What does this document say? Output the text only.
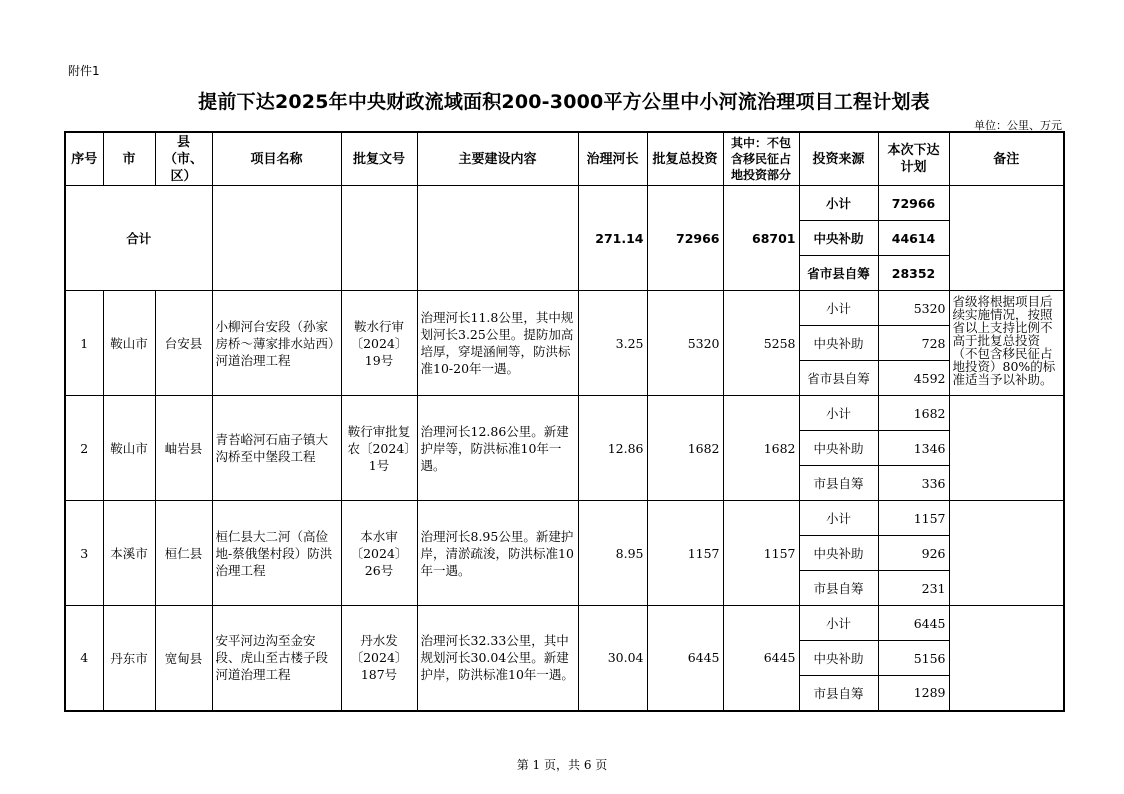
附件1
提前下达2025年中央财政流域面积200-3000平方公里中小河流治理项目工程计划表
单位：公里、万元
序号	市	县（市、区）	项目名称	批复文号	主要建设内容	治理河长	批复总投资	其中：不包含移民征占地投资部分	投资来源	本次下达计划	备注
合计						271.14	72966	68701	小计	72966	
									中央补助	44614	
									省市县自筹	28352	
1	鞍山市	台安县	小柳河台安段（孙家房桥～薄家排水站西）河道治理工程	鞍水行审〔2024〕19号	治理河长11.8公里，其中规划河长3.25公里。提防加高培厚，穿堤涵闸等，防洪标准10-20年一遇。	3.25	5320	5258	小计	5320	省级将根据项目后续实施情况，按照省以上支持比例不高于批复总投资（不包含移民征占地投资）80%的标准适当予以补助。
									中央补助	728	
									省市县自筹	4592	
2	鞍山市	岫岩县	青苔峪河石庙子镇大沟桥至中堡段工程	鞍行审批复农〔2024〕1号	治理河长12.86公里。新建护岸等，防洪标准10年一遇。	12.86	1682	1682	小计	1682	
									中央补助	1346	
									市县自筹	336	
3	本溪市	桓仁县	桓仁县大二河（高俭地-蔡俄堡村段）防洪治理工程	本水审〔2024〕26号	治理河长8.95公里。新建护岸，清淤疏浚，防洪标准10年一遇。	8.95	1157	1157	小计	1157	
									中央补助	926	
									市县自筹	231	
4	丹东市	宽甸县	安平河边沟至金安段、虎山至古楼子段河道治理工程	丹水发〔2024〕187号	治理河长32.33公里，其中规划河长30.04公里。新建护岸，防洪标准10年一遇。	30.04	6445	6445	小计	6445	
									中央补助	5156	
									市县自筹	1289	
第 1 页，共 6 页
